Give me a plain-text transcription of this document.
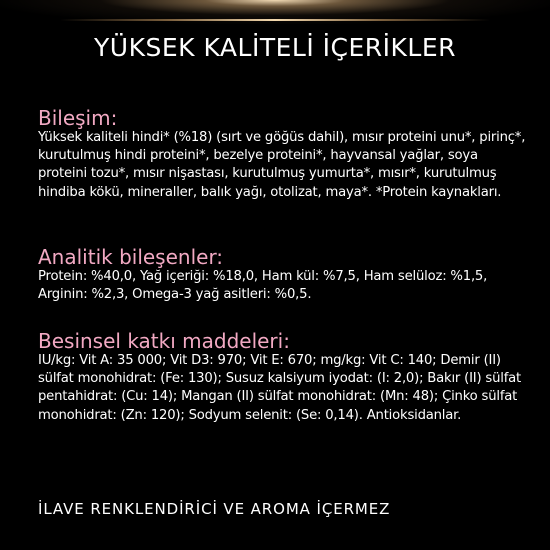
YÜKSEK KALİTELİ İÇERİKLER

Bileşim:

Yüksek kaliteli hindi* (%18) (sırt ve göğüs dahil), mısır proteini unu*, pirinç*, kurutulmuş hindi proteini*, bezelye proteini*, hayvansal yağlar, soya proteini tozu*, mısır nişastası, kurutulmuş yumurta*, mısır*, kurutulmuş hindiba kökü, mineraller, balık yağı, otolizat, maya*. *Protein kaynakları.

Analitik bileşenler:

Protein: %40,0, Yağ içeriği: %18,0, Ham kül: %7,5, Ham selüloz: %1,5, Arginin: %2,3, Omega-3 yağ asitleri: %0,5.

Besinsel katkı maddeleri:

IU/kg: Vit A: 35 000; Vit D3: 970; Vit E: 670; mg/kg: Vit C: 140; Demir (II) sülfat monohidrat: (Fe: 130); Susuz kalsiyum iyodat: (I: 2,0); Bakır (II) sülfat pentahidrat: (Cu: 14); Mangan (II) sülfat monohidrat: (Mn: 48); Çinko sülfat monohidrat: (Zn: 120); Sodyum selenit: (Se: 0,14). Antioksidanlar.

İLAVE RENKLENDİRİCİ VE AROMA İÇERMEZ
